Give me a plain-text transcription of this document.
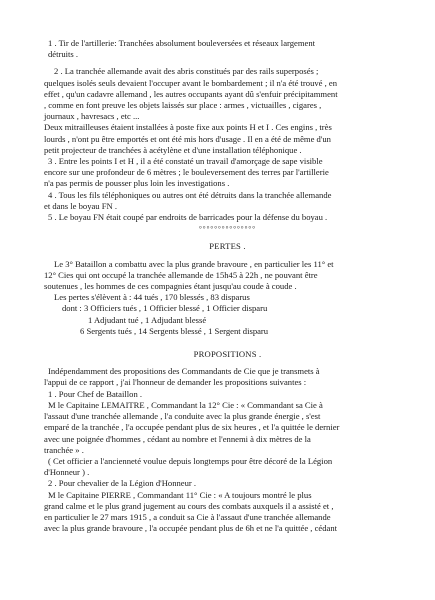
1 . Tir de l'artillerie: Tranchées absolument bouleversées et réseaux largement
détruits .
2 . La tranchée allemande avait des abris constitués par des rails superposés ;
quelques isolés seuls devaient l'occuper avant le bombardement ; il n'a été trouvé , en
effet , qu'un cadavre allemand , les autres occupants ayant dû s'enfuir précipitamment
, comme en font preuve les objets laissés sur place : armes , victuailles , cigares ,
journaux , havresacs , etc ...
Deux mitrailleuses étaient installées à poste fixe aux points H et I . Ces engins , très
lourds , n'ont pu être emportés et ont été mis hors d'usage . Il en a été de même d'un
petit projecteur de tranchées à acétylène et d'une installation téléphonique .
3 . Entre les points I et H , il a été constaté un travail d'amorçage de sape visible
encore sur une profondeur de 6 mètres ; le bouleversement des terres par l'artillerie
n'a pas permis de pousser plus loin les investigations .
4 . Tous les fils téléphoniques ou autres ont été détruits dans la tranchée allemande
et dans le boyau FN .
5 . Le boyau FN était coupé par endroits de barricades pour la défense du boyau .
°°°°°°°°°°°°°°°
PERTES .
Le 3° Bataillon a combattu avec la plus grande bravoure , en particulier les 11° et
12° Cies qui ont occupé la tranchée allemande de 15h45 à 22h , ne pouvant être
soutenues , les hommes de ces compagnies étant jusqu'au coude à coude .
Les pertes s'élèvent à : 44 tués , 170 blessés , 83 disparus
dont : 3 Officiers tués , 1 Officier blessé , 1 Officier disparu
1 Adjudant tué , 1 Adjudant blessé
6 Sergents tués , 14 Sergents blessé , 1 Sergent disparu
PROPOSITIONS .
Indépendamment des propositions des Commandants de Cie que je transmets à
l'appui de ce rapport , j'ai l'honneur de demander les propositions suivantes :
1 . Pour Chef de Bataillon .
M le Capitaine LEMAITRE , Commandant la 12° Cie : « Commandant sa Cie à
l'assaut d'une tranchée allemande , l'a conduite avec la plus grande énergie , s'est
emparé de la tranchée , l'a occupée pendant plus de six heures , et l'a quittée le dernier
avec une poignée d'hommes , cédant au nombre et l'ennemi à dix mètres de la
tranchée » .
( Cet officier a l'ancienneté voulue depuis longtemps pour être décoré de la Légion
d'Honneur ) .
2 . Pour chevalier de la Légion d'Honneur .
M le Capitaine PIERRE , Commandant 11° Cie : « A toujours montré le plus
grand calme et le plus grand jugement au cours des combats auxquels il a assisté et ,
en particulier le 27 mars 1915 , a conduit sa Cie à l'assaut d'une tranchée allemande
avec la plus grande bravoure , l'a occupée pendant plus de 6h et ne l'a quittée , cédant
